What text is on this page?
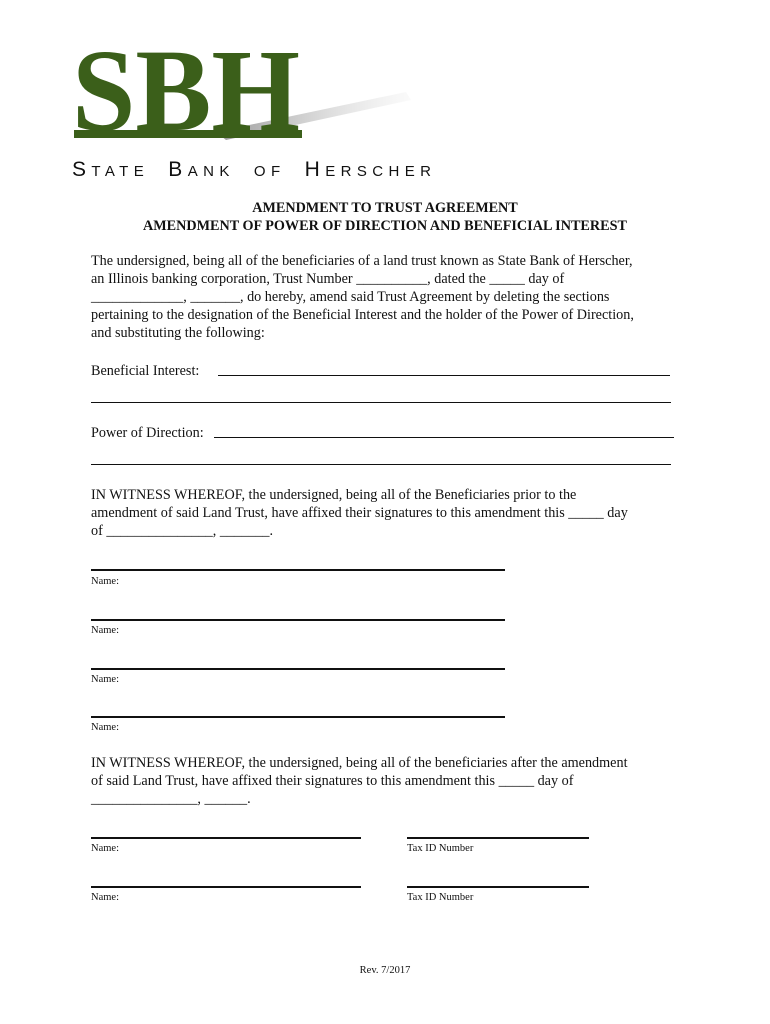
SBH
STATE BANK OF HERSCHER
AMENDMENT TO TRUST AGREEMENT
AMENDMENT OF POWER OF DIRECTION AND BENEFICIAL INTEREST
The undersigned, being all of the beneficiaries of a land trust known as State Bank of Herscher,
an Illinois banking corporation, Trust Number __________, dated the _____ day of
_____________, _______, do hereby, amend said Trust Agreement by deleting the sections
pertaining to the designation of the Beneficial Interest and the holder of the Power of Direction,
and substituting the following:
Beneficial Interest:
Power of Direction:
IN WITNESS WHEREOF, the undersigned, being all of the Beneficiaries prior to the
amendment of said Land Trust, have affixed their signatures to this amendment this _____ day
of _______________, _______.
Name:
Name:
Name:
Name:
IN WITNESS WHEREOF, the undersigned, being all of the beneficiaries after the amendment
of said Land Trust, have affixed their signatures to this amendment this _____ day of
_______________, ______.
Name:	Tax ID Number
Name:	Tax ID Number
Rev. 7/2017
